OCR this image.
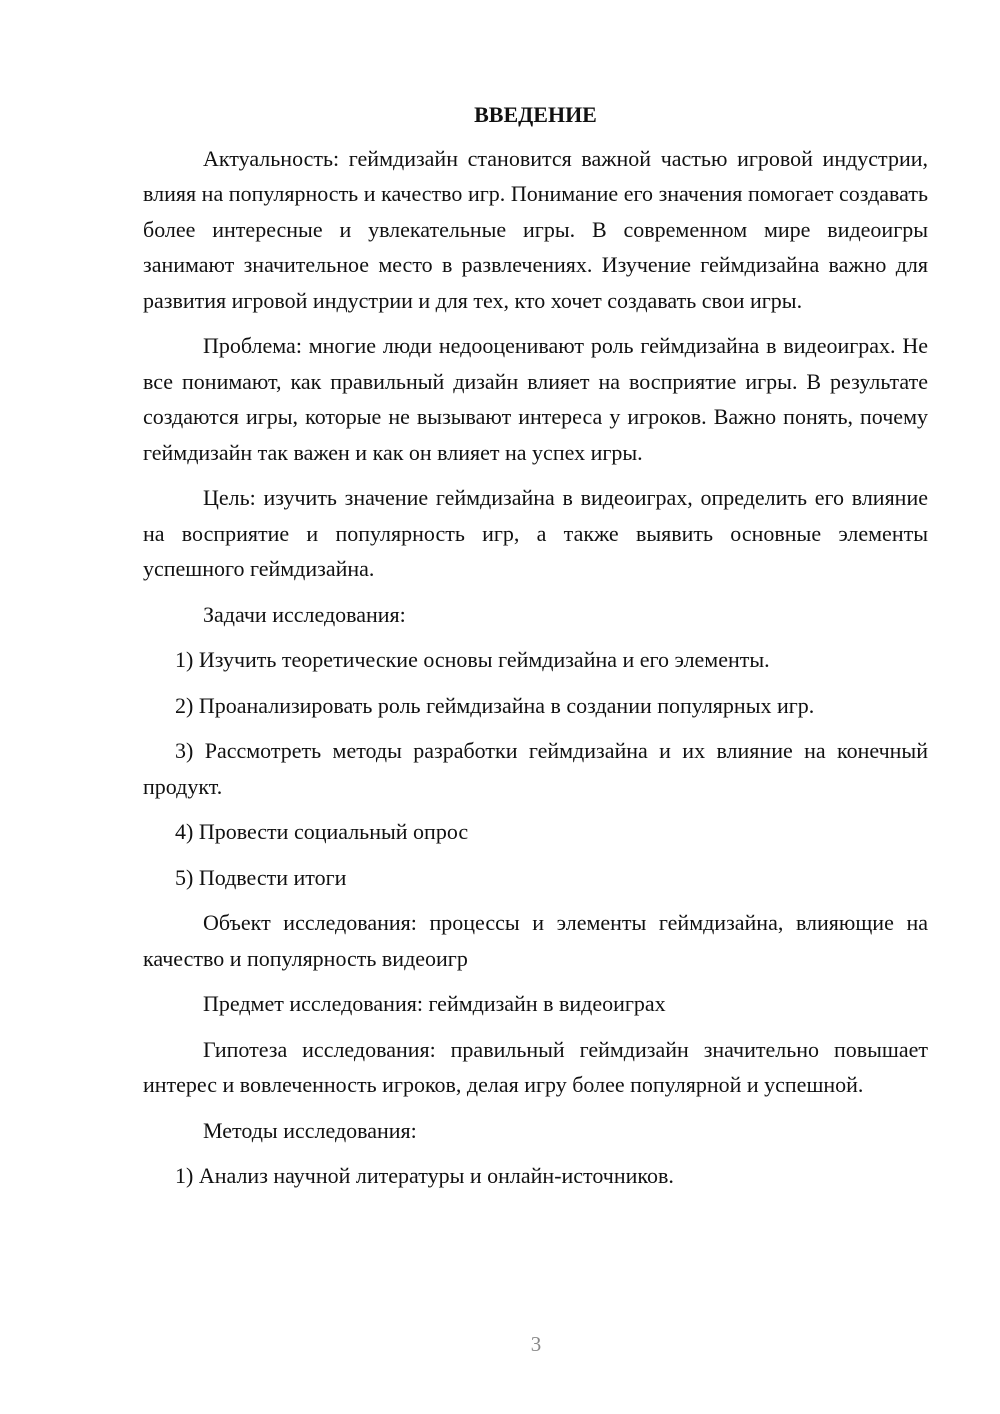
ВВЕДЕНИЕ

Актуальность: геймдизайн становится важной частью игровой индустрии, влияя на популярность и качество игр. Понимание его значения помогает создавать более интересные и увлекательные игры. В современном мире видеоигры занимают значительное место в развлечениях. Изучение геймдизайна важно для развития игровой индустрии и для тех, кто хочет создавать свои игры.

Проблема: многие люди недооценивают роль геймдизайна в видеоиграх. Не все понимают, как правильный дизайн влияет на восприятие игры. В результате создаются игры, которые не вызывают интереса у игроков. Важно понять, почему геймдизайн так важен и как он влияет на успех игры.

Цель: изучить значение геймдизайна в видеоиграх, определить его влияние на восприятие и популярность игр, а также выявить основные элементы успешного геймдизайна.

Задачи исследования:

1) Изучить теоретические основы геймдизайна и его элементы.

2) Проанализировать роль геймдизайна в создании популярных игр.

3) Рассмотреть методы разработки геймдизайна и их влияние на конечный продукт.

4) Провести социальный опрос

5) Подвести итоги

Объект исследования: процессы и элементы геймдизайна, влияющие на качество и популярность видеоигр

Предмет исследования: геймдизайн в видеоиграх

Гипотеза исследования: правильный геймдизайн значительно повышает интерес и вовлеченность игроков, делая игру более популярной и успешной.

Методы исследования:

1) Анализ научной литературы и онлайн-источников.

3
